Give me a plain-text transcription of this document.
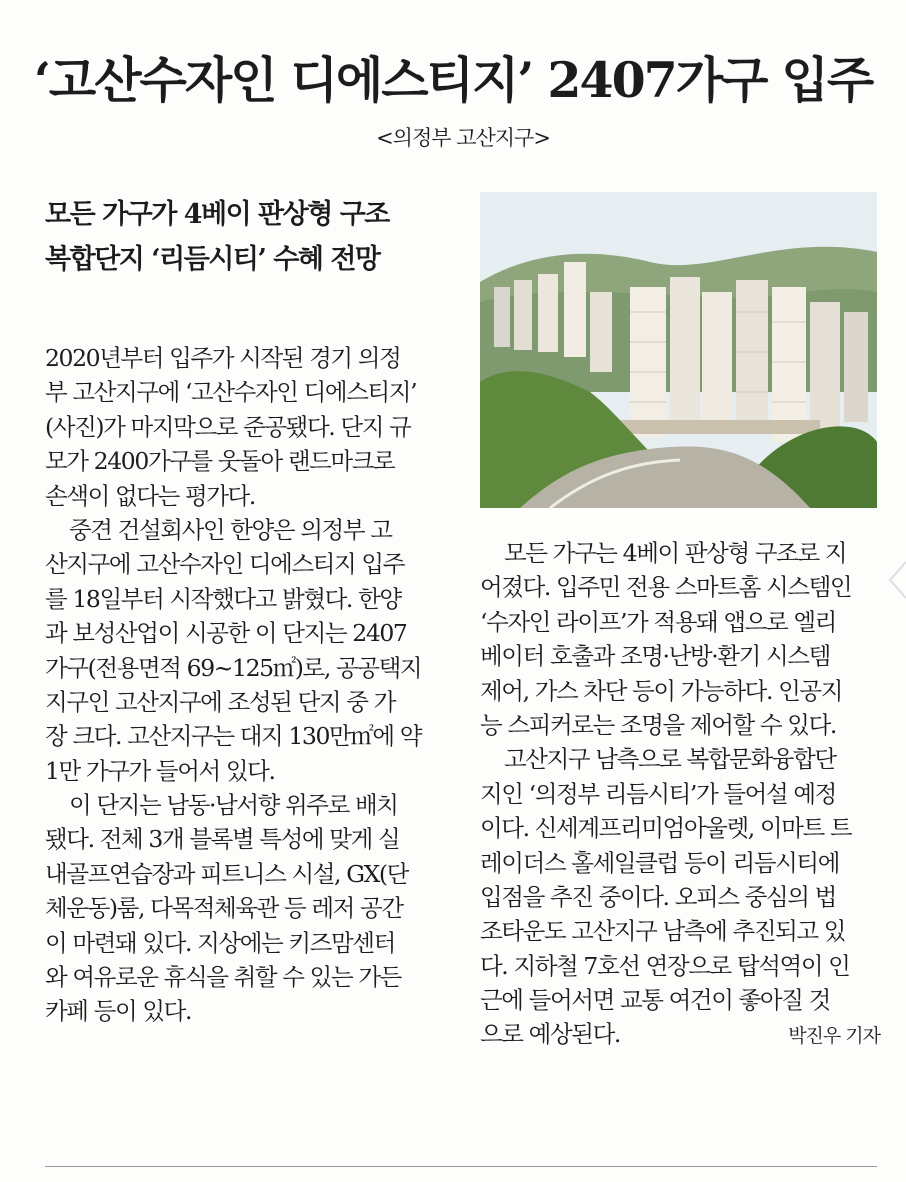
‘고산수자인 디에스티지’ 2407가구 입주
<의정부 고산지구>
모든 가구가 4베이 판상형 구조
복합단지 ‘리듬시티’ 수혜 전망
2020년부터 입주가 시작된 경기 의정
부 고산지구에 ‘고산수자인 디에스티지’
(사진)가 마지막으로 준공됐다. 단지 규
모가 2400가구를 웃돌아 랜드마크로
손색이 없다는 평가다.
중견 건설회사인 한양은 의정부 고
산지구에 고산수자인 디에스티지 입주
를 18일부터 시작했다고 밝혔다. 한양
과 보성산업이 시공한 이 단지는 2407
가구(전용면적 69~125㎡)로, 공공택지
지구인 고산지구에 조성된 단지 중 가
장 크다. 고산지구는 대지 130만㎡에 약
1만 가구가 들어서 있다.
이 단지는 남동·남서향 위주로 배치
됐다. 전체 3개 블록별 특성에 맞게 실
내골프연습장과 피트니스 시설, GX(단
체운동)룸, 다목적체육관 등 레저 공간
이 마련돼 있다. 지상에는 키즈맘센터
와 여유로운 휴식을 취할 수 있는 가든
카페 등이 있다.
모든 가구는 4베이 판상형 구조로 지
어졌다. 입주민 전용 스마트홈 시스템인
‘수자인 라이프’가 적용돼 앱으로 엘리
베이터 호출과 조명·난방·환기 시스템
제어, 가스 차단 등이 가능하다. 인공지
능 스피커로는 조명을 제어할 수 있다.
고산지구 남측으로 복합문화융합단
지인 ‘의정부 리듬시티’가 들어설 예정
이다. 신세계프리미엄아울렛, 이마트 트
레이더스 홀세일클럽 등이 리듬시티에
입점을 추진 중이다. 오피스 중심의 법
조타운도 고산지구 남측에 추진되고 있
다. 지하철 7호선 연장으로 탑석역이 인
근에 들어서면 교통 여건이 좋아질 것
으로 예상된다.	박진우 기자
